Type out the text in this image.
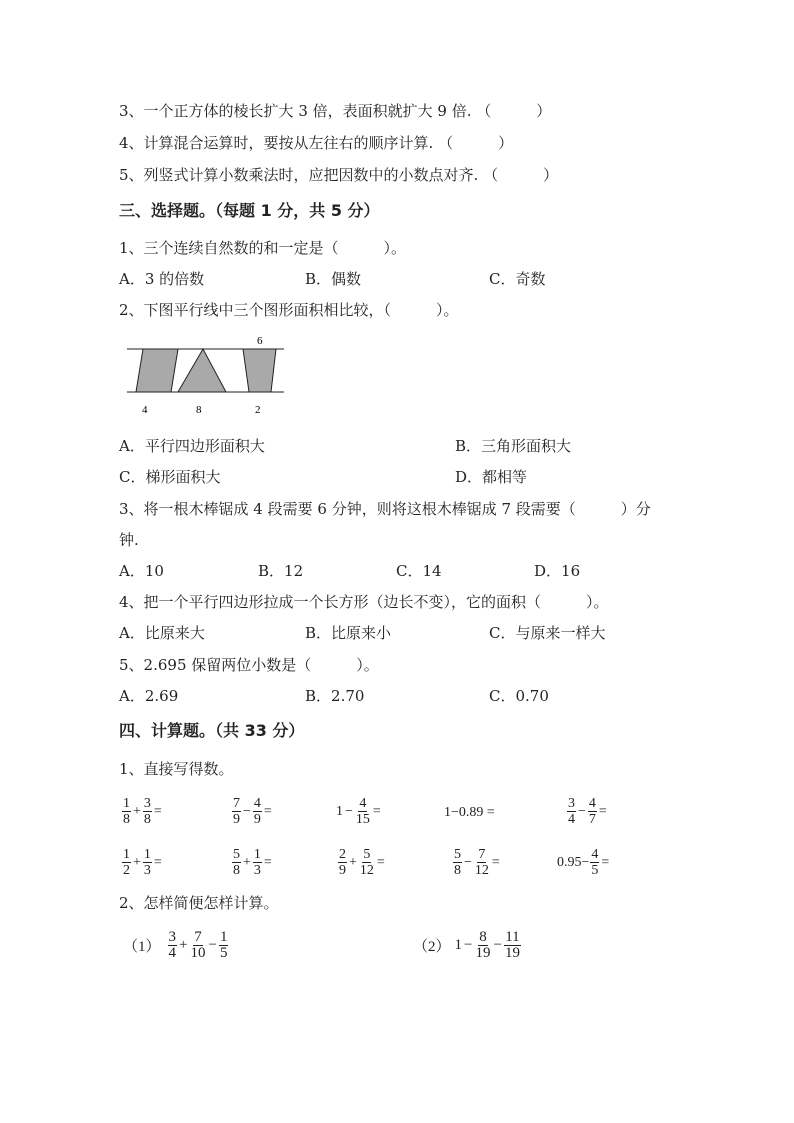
3、一个正方体的棱长扩大 3 倍，表面积就扩大 9 倍. （　　　）
4、计算混合运算时，要按从左往右的顺序计算. （　　　）
5、列竖式计算小数乘法时，应把因数中的小数点对齐. （　　　）
三、选择题。（每题 1 分，共 5 分）
1、三个连续自然数的和一定是（　　　）。
A．3 的倍数	B．偶数	C．奇数
2、下图平行线中三个图形面积相比较，（　　　）。
6
4	8	2
A．平行四边形面积大	B．三角形面积大
C．梯形面积大	D．都相等
3、将一根木棒锯成 4 段需要 6 分钟，则将这根木棒锯成 7 段需要（　　　）分
钟.
A．10	B．12	C．14	D．16
4、把一个平行四边形拉成一个长方形（边长不变），它的面积（　　　）。
A．比原来大	B．比原来小	C．与原来一样大
5、2.695 保留两位小数是（　　　）。
A．2.69	B．2.70	C．0.70
四、计算题。（共 33 分）
1、直接写得数。
$\frac{1}{8} + \frac{3}{8}$ =	$\frac{7}{9} - \frac{4}{9}$ =	$1 - \frac{4}{15}$ =	1−0.89 =	$\frac{3}{4} - \frac{4}{7}$ =
$\frac{1}{2} + \frac{1}{3}$ =	$\frac{5}{8} + \frac{1}{3}$ =	$\frac{2}{9} + \frac{5}{12}$ =	$\frac{5}{8} - \frac{7}{12}$ =	$0.95- \frac{4}{5}$ =
2、怎样简便怎样计算。
$(1) \frac{3}{4} + \frac{7}{10} - \frac{1}{5}$	（2） $1 - \frac{8}{19} - \frac{11}{19}$
